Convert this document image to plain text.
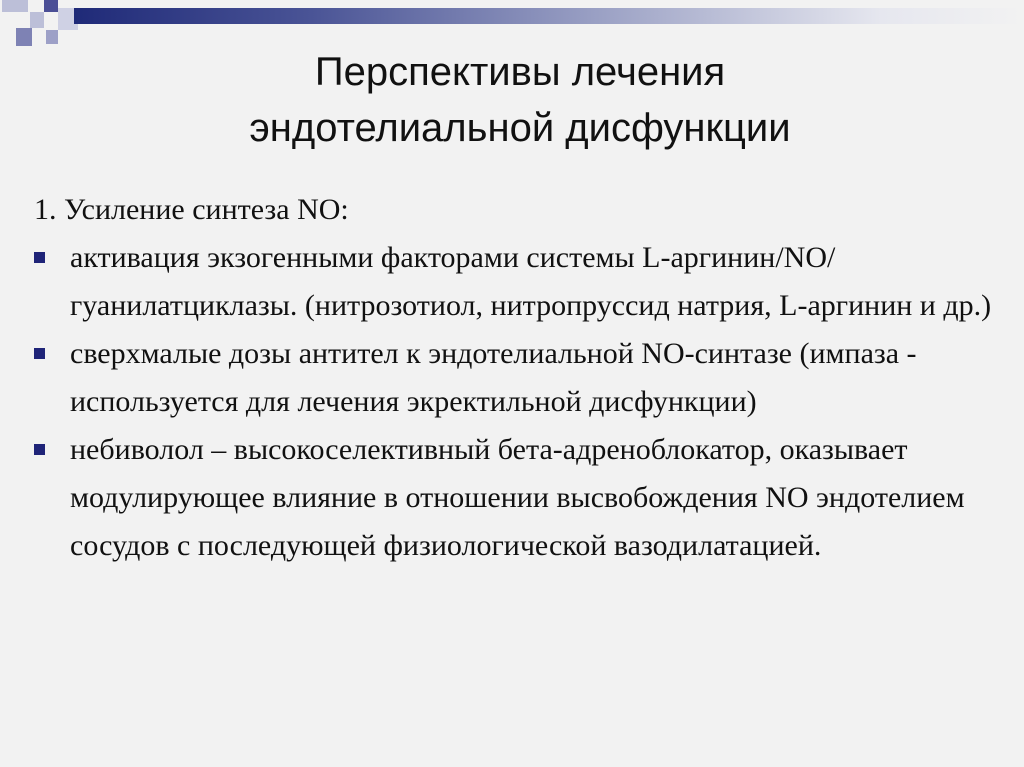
Перспективы лечения
эндотелиальной дисфункции

1. Усиление синтеза NO:

активация экзогенными факторами системы L-аргинин/NO/гуанилатциклазы. (нитрозотиол, нитропруссид натрия, L-аргинин и др.)
сверхмалые дозы антител к эндотелиальной NO-синтазе (импаза - используется для лечения экректильной дисфункции)
небиволол – высокоселективный бета-адреноблокатор, оказывает модулирующее влияние в отношении высвобождения NO эндотелием сосудов с последующей физиологической вазодилатацией.
